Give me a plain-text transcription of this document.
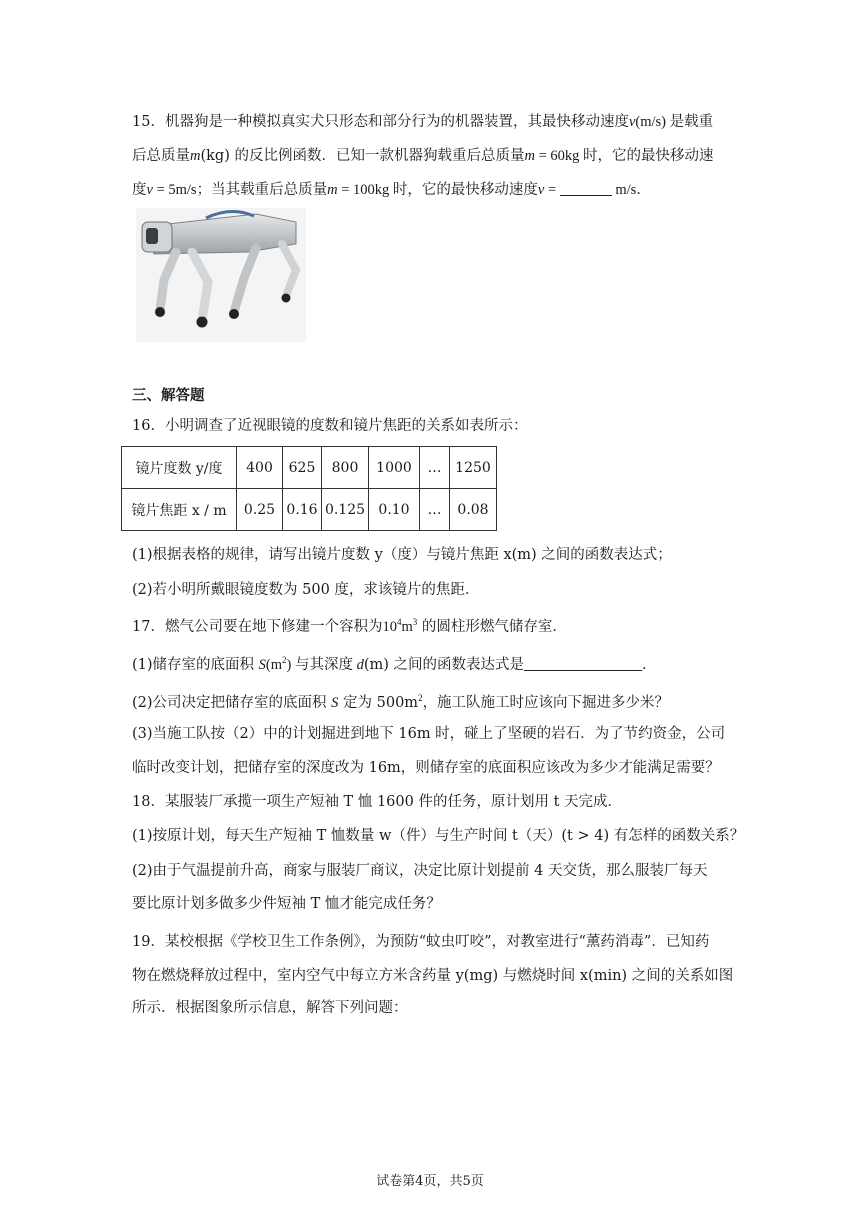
15．机器狗是一种模拟真实犬只形态和部分行为的机器装置，其最快移动速度v(m/s) 是载重
后总质量m(kg) 的反比例函数．已知一款机器狗载重后总质量m = 60kg 时，它的最快移动速
度v = 5m/s；当其载重后总质量m = 100kg 时，它的最快移动速度v =	m/s．
三、解答题
16．小明调查了近视眼镜的度数和镜片焦距的关系如表所示：
镜片度数 y/度	400	625	800	1000	…	1250
镜片焦距 x / m	0.25	0.16	0.125	0.10	…	0.08
(1)根据表格的规律，请写出镜片度数 y（度）与镜片焦距 x(m) 之间的函数表达式；
(2)若小明所戴眼镜度数为 500 度，求该镜片的焦距．
17．燃气公司要在地下修建一个容积为$10^4m^3$ 的圆柱形燃气储存室．
(1)储存室的底面积 $S(m^2)$ 与其深度 d(m) 之间的函数表达式是	．
(2)公司决定把储存室的底面积 S 定为 $500m^2$，施工队施工时应该向下掘进多少米？
(3)当施工队按（2）中的计划掘进到地下 16m 时，碰上了坚硬的岩石．为了节约资金，公司
临时改变计划，把储存室的深度改为 16m，则储存室的底面积应该改为多少才能满足需要？
18．某服装厂承揽一项生产短袖 T 恤 1600 件的任务，原计划用 t 天完成．
(1)按原计划，每天生产短袖 T 恤数量 w（件）与生产时间 t（天）(t > 4) 有怎样的函数关系？
(2)由于气温提前升高，商家与服装厂商议，决定比原计划提前 4 天交货，那么服装厂每天
要比原计划多做多少件短袖 T 恤才能完成任务？
19．某校根据《学校卫生工作条例》，为预防“蚊虫叮咬”，对教室进行“薰药消毒”．已知药
物在燃烧释放过程中，室内空气中每立方米含药量 y(mg) 与燃烧时间 x(min) 之间的关系如图
所示．根据图象所示信息，解答下列问题：
试卷第4页，共5页
